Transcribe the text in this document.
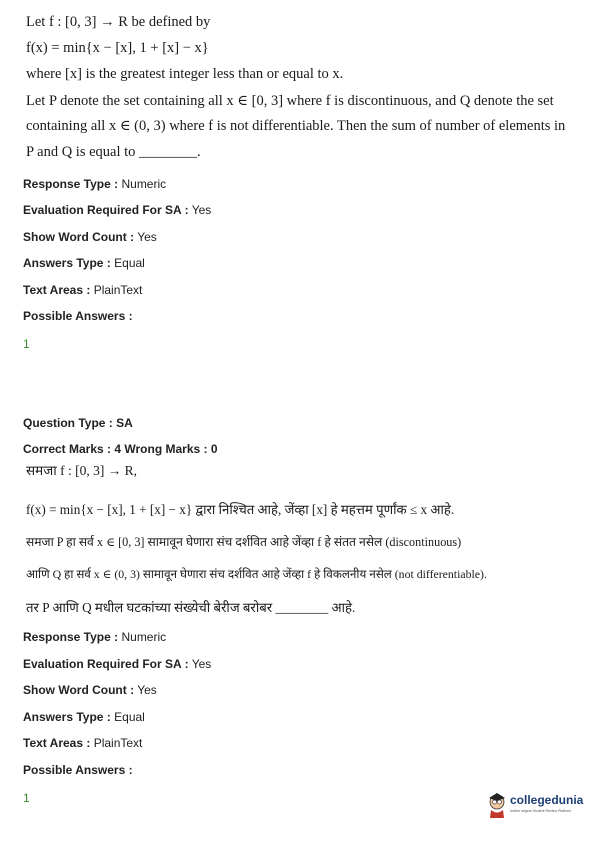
Let f : [0, 3] → R be defined by
f(x) = min{x − [x], 1 + [x] − x}
where [x] is the greatest integer less than or equal to x.
Let P denote the set containing all x ∈ [0, 3] where f is discontinuous, and Q denote the set
containing all x ∈ (0, 3) where f is not differentiable. Then the sum of number of elements in
P and Q is equal to ________.
Response Type : Numeric
Evaluation Required For SA : Yes
Show Word Count : Yes
Answers Type : Equal
Text Areas : PlainText
Possible Answers :
1
Question Type : SA
Correct Marks : 4 Wrong Marks : 0
समजा f : [0, 3] → R,
f(x) = min{x − [x], 1 + [x] − x} द्वारा निश्चित आहे, जेंव्हा [x] हे महत्तम पूर्णांक ≤ x आहे.
समजा P हा सर्व x ∈ [0, 3] सामावून घेणारा संच दर्शवित आहे जेंव्हा f हे संतत नसेल (discontinuous)
आणि Q हा सर्व x ∈ (0, 3) सामावून घेणारा संच दर्शवित आहे जेंव्हा f हे विकलनीय नसेल (not differentiable).
तर P आणि Q मधील घटकांच्या संख्येची बेरीज बरोबर ________ आहे.
Response Type : Numeric
Evaluation Required For SA : Yes
Show Word Count : Yes
Answers Type : Equal
Text Areas : PlainText
Possible Answers :
1	collegedunia
India's largest Student Review Platform
